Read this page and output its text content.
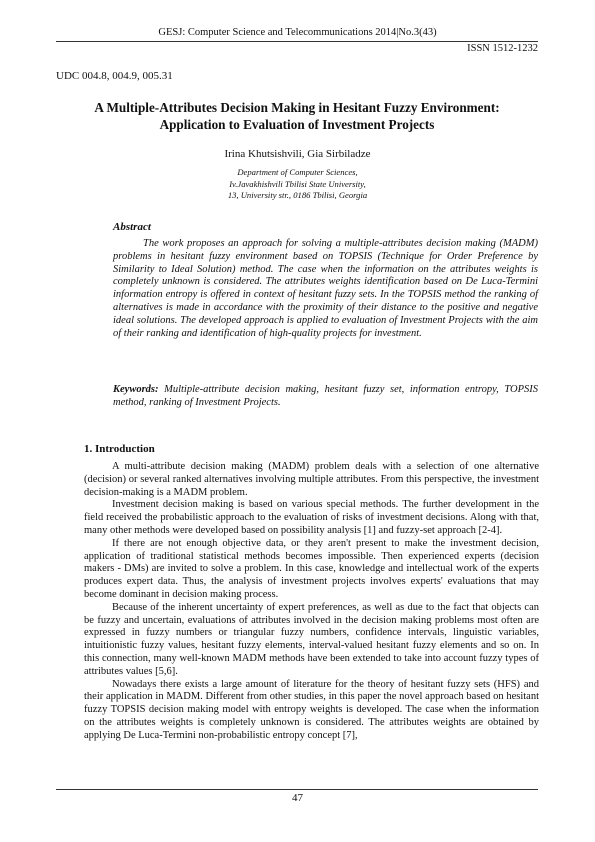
GESJ: Computer Science and Telecommunications 2014|No.3(43)
ISSN 1512-1232
UDC 004.8, 004.9, 005.31
A Multiple-Attributes Decision Making in Hesitant Fuzzy Environment:
Application to Evaluation of Investment Projects
Irina Khutsishvili, Gia Sirbiladze
Department of Computer Sciences,
Iv.Javakhishvili Tbilisi State University,
13, University str., 0186 Tbilisi, Georgia
Abstract

The work proposes an approach for solving a multiple-attributes decision making (MADM) problems in hesitant fuzzy environment based on TOPSIS (Technique for Order Preference by Similarity to Ideal Solution) method. The case when the information on the attributes weights is completely unknown is considered. The attributes weights identification based on De Luca-Termini information entropy is offered in context of hesitant fuzzy sets. In the TOPSIS method the ranking of alternatives is made in accordance with the proximity of their distance to the positive and negative ideal solutions. The developed approach is applied to evaluation of Investment Projects with the aim of their ranking and identification of high-quality projects for investment.

Keywords: Multiple-attribute decision making, hesitant fuzzy set, information entropy, TOPSIS method, ranking of Investment Projects.

1. Introduction

A multi-attribute decision making (MADM) problem deals with a selection of one alternative (decision) or several ranked alternatives involving multiple attributes. From this perspective, the investment decision-making is a MADM problem.

Investment decision making is based on various special methods. The further development in the field received the probabilistic approach to the evaluation of risks of investment decisions. Along with that, many other methods were developed based on possibility analysis [1] and fuzzy-set approach [2-4].

If there are not enough objective data, or they aren't present to make the investment decision, application of traditional statistical methods becomes impossible. Then experienced experts (decision makers - DMs) are invited to solve a problem. In this case, knowledge and intellectual work of the experts produces expert data. Thus, the analysis of investment projects involves experts' evaluations that may become dominant in decision making process.

Because of the inherent uncertainty of expert preferences, as well as due to the fact that objects can be fuzzy and uncertain, evaluations of attributes involved in the decision making problems most often are expressed in fuzzy numbers or triangular fuzzy numbers, confidence intervals, linguistic variables, intuitionistic fuzzy values, hesitant fuzzy elements, interval-valued hesitant fuzzy elements and so on. In this connection, many well-known MADM methods have been extended to take into account fuzzy types of attributes values [5,6].

Nowadays there exists a large amount of literature for the theory of hesitant fuzzy sets (HFS) and their application in MADM. Different from other studies, in this paper the novel approach based on hesitant fuzzy TOPSIS decision making model with entropy weights is developed. The case when the information on the attributes weights is completely unknown is considered. The attributes weights are obtained by applying De Luca-Termini non-probabilistic entropy concept [7],

47
